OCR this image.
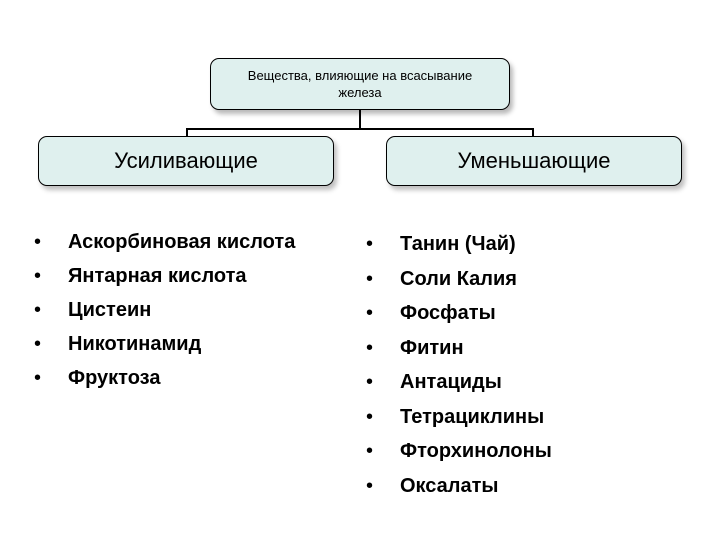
Вещества, влияющие на всасывание
железа
Усиливающие	Уменьшающие
• Аскорбиновая кислота
• Янтарная кислота
• Цистеин
• Никотинамид
• Фруктоза
• Танин (Чай)
• Соли Калия
• Фосфаты
• Фитин
• Антациды
• Тетрациклины
• Фторхинолоны
• Оксалаты
